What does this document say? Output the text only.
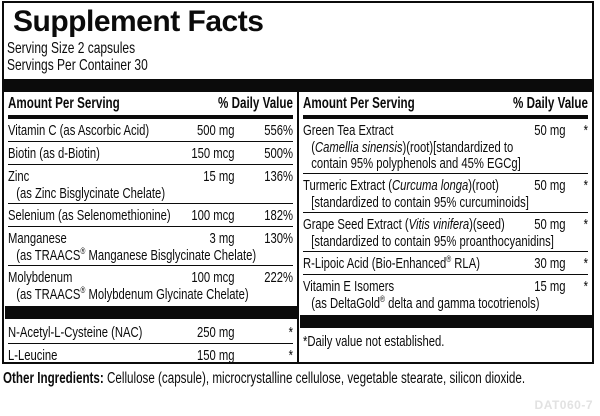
Supplement Facts
Serving Size 2 capsules
Servings Per Container 30
Amount Per Serving	% Daily Value
Vitamin C (as Ascorbic Acid)	500 mg	556%
Biotin (as d-Biotin)	150 mcg	500%
Zinc	15 mg	136%
(as Zinc Bisglycinate Chelate)
Selenium (as Selenomethionine)	100 mcg	182%
Manganese	3 mg	130%
(as TRAACS® Manganese Bisglycinate Chelate)
Molybdenum	100 mcg	222%
(as TRAACS® Molybdenum Glycinate Chelate)
N-Acetyl-L-Cysteine (NAC)	250 mg	*
L-Leucine	150 mg	*
Amount Per Serving	% Daily Value
Green Tea Extract	50 mg	*
(Camellia sinensis)(root)[standardized to
contain 95% polyphenols and 45% EGCg]
Turmeric Extract (Curcuma longa)(root)	50 mg	*
[standardized to contain 95% curcuminoids]
Grape Seed Extract (Vitis vinifera)(seed)	50 mg	*
[standardized to contain 95% proanthocyanidins]
R-Lipoic Acid (Bio-Enhanced® RLA)	30 mg	*
Vitamin E Isomers	15 mg	*
(as DeltaGold® delta and gamma tocotrienols)
*Daily value not established.
Other Ingredients: Cellulose (capsule), microcrystalline cellulose, vegetable stearate, silicon dioxide.
DAT060-7
